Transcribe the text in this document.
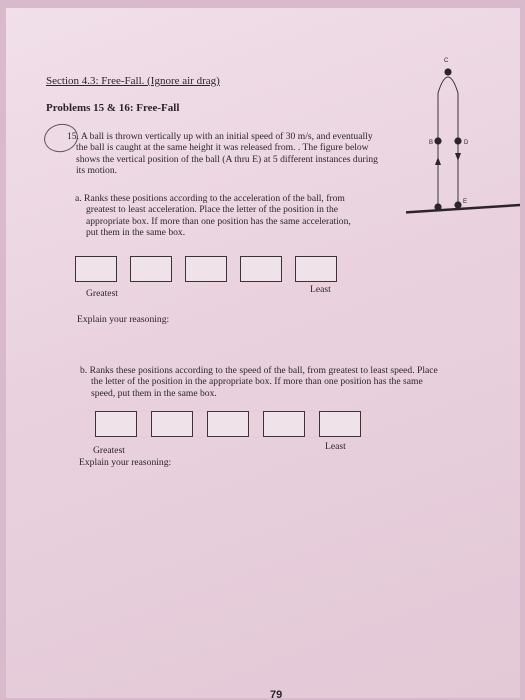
Section 4.3: Free-Fall. (Ignore air drag)
Problems 15 & 16: Free-Fall
15. A ball is thrown vertically up with an initial speed of 30 m/s, and eventually
the ball is caught at the same height it was released from. . The figure below
shows the vertical position of the ball (A thru E) at 5 different instances during
its motion.
B
C
D
E
a. Ranks these positions according to the acceleration of the ball, from
greatest to least acceleration. Place the letter of the position in the
appropriate box. If more than one position has the same acceleration,
put them in the same box.
Greatest	Least
Explain your reasoning:
b. Ranks these positions according to the speed of the ball, from greatest to least speed. Place
the letter of the position in the appropriate box. If more than one position has the same
speed, put them in the same box.
Greatest	Least
Explain your reasoning:
79
